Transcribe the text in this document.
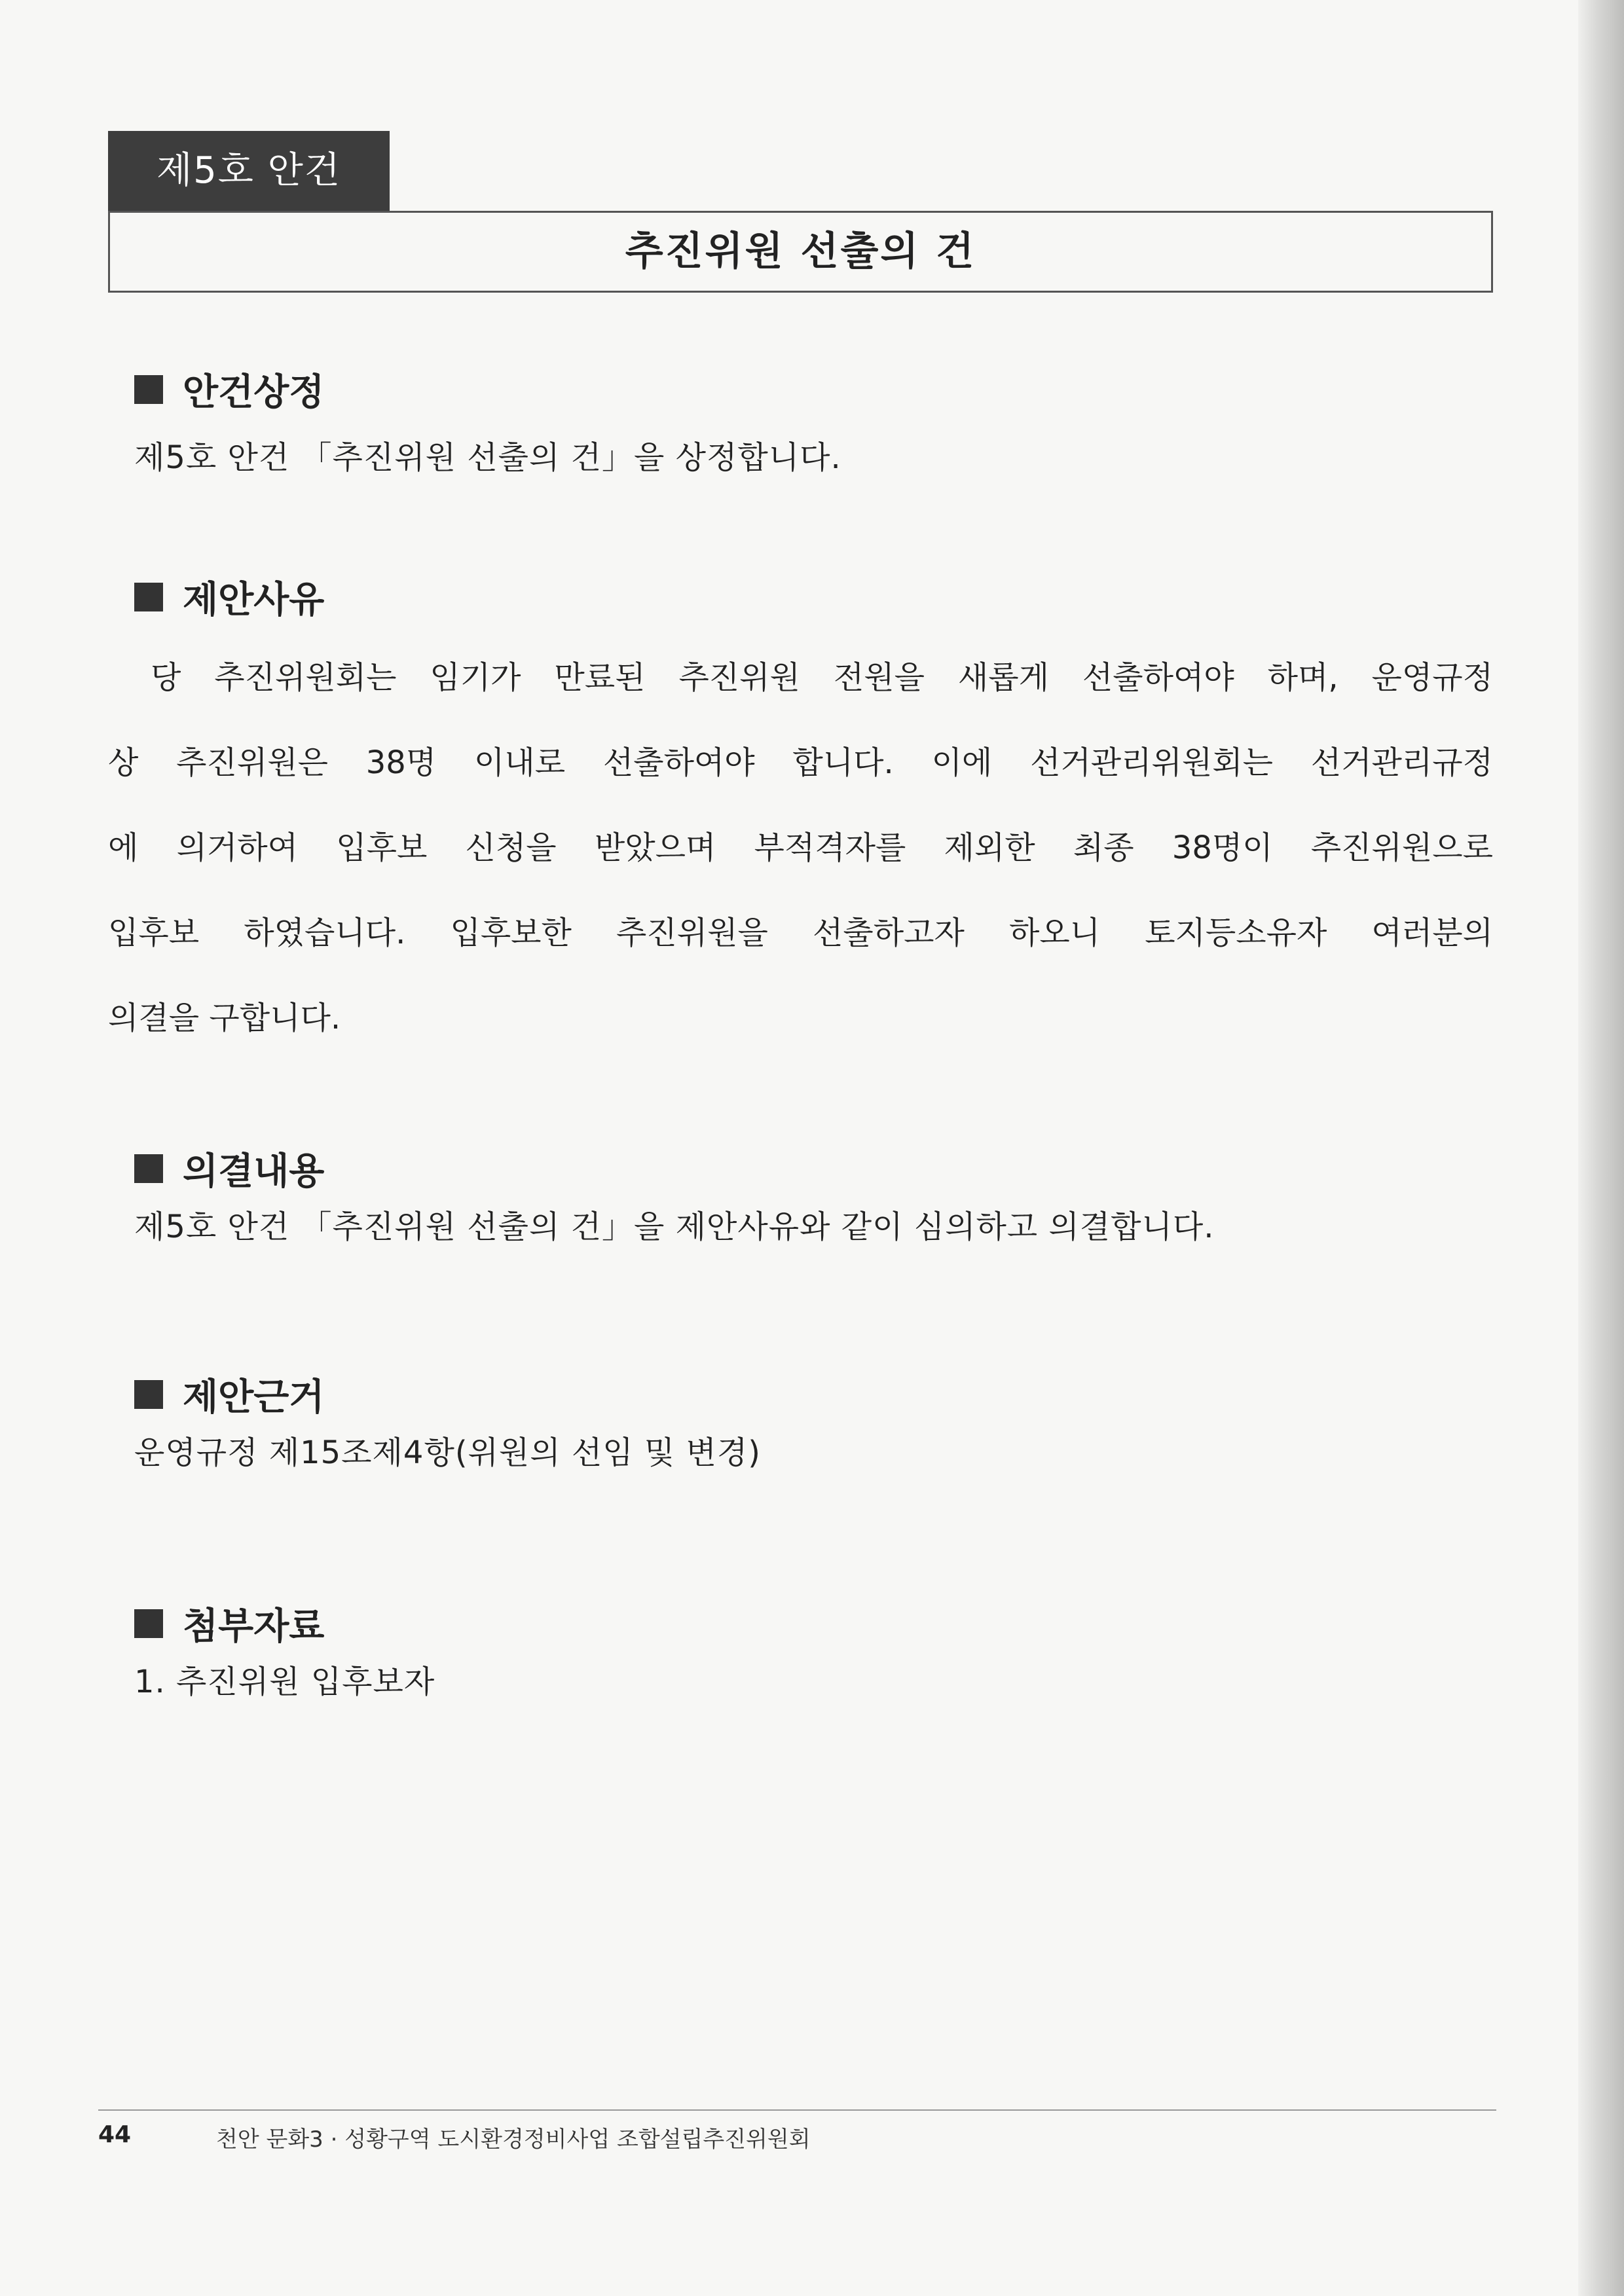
제5호 안건
추진위원 선출의 건
안건상정
제5호 안건 「추진위원 선출의 건」을 상정합니다.
제안사유
당 추진위원회는 임기가 만료된 추진위원 전원을 새롭게 선출하여야 하며, 운영규정
상 추진위원은 38명 이내로 선출하여야 합니다. 이에 선거관리위원회는 선거관리규정
에 의거하여 입후보 신청을 받았으며 부적격자를 제외한 최종 38명이 추진위원으로
입후보 하였습니다. 입후보한 추진위원을 선출하고자 하오니 토지등소유자 여러분의
의결을 구합니다.
의결내용
제5호 안건 「추진위원 선출의 건」을 제안사유와 같이 심의하고 의결합니다.
제안근거
운영규정 제15조제4항(위원의 선임 및 변경)
첨부자료
1. 추진위원 입후보자
44	천안 문화3 · 성황구역 도시환경정비사업 조합설립추진위원회
